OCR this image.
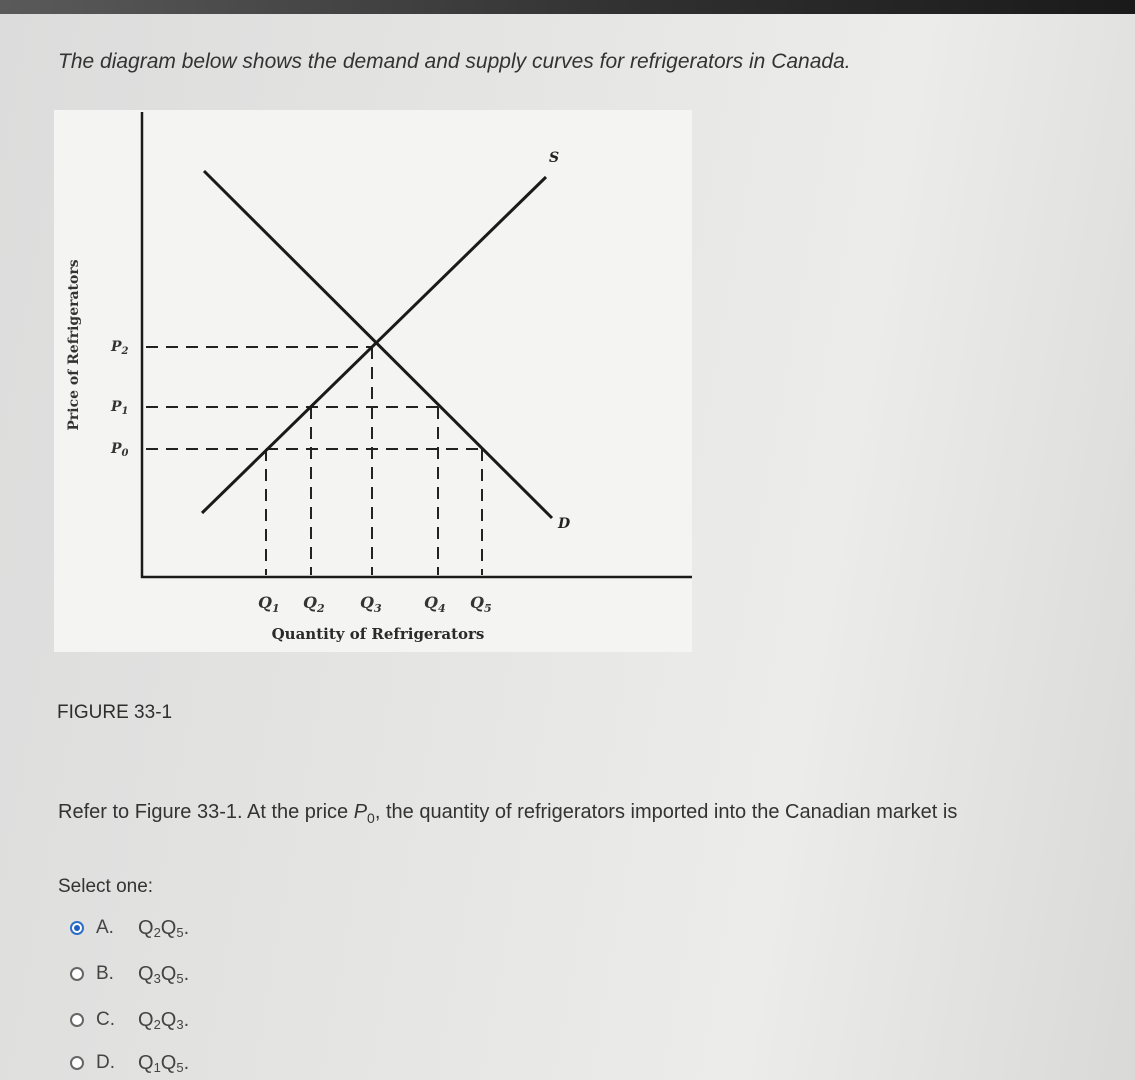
The diagram below shows the demand and supply curves for refrigerators in Canada.
Price of Refrigerators
S
D
$P_2$
$P_1$
$P_0$
$Q_1$ $Q_2$ $Q_3$	$Q_4$ $Q_5$
Quantity of Refrigerators
FIGURE 33-1
Refer to Figure 33-1. At the price $P_0$, the quantity of refrigerators imported into the Canadian market is
Select one:
A.	$Q_2Q_5$.
B.	$Q_3Q_5$.
C.	$Q_2Q_3$.
D.	$Q_1Q_5$.
